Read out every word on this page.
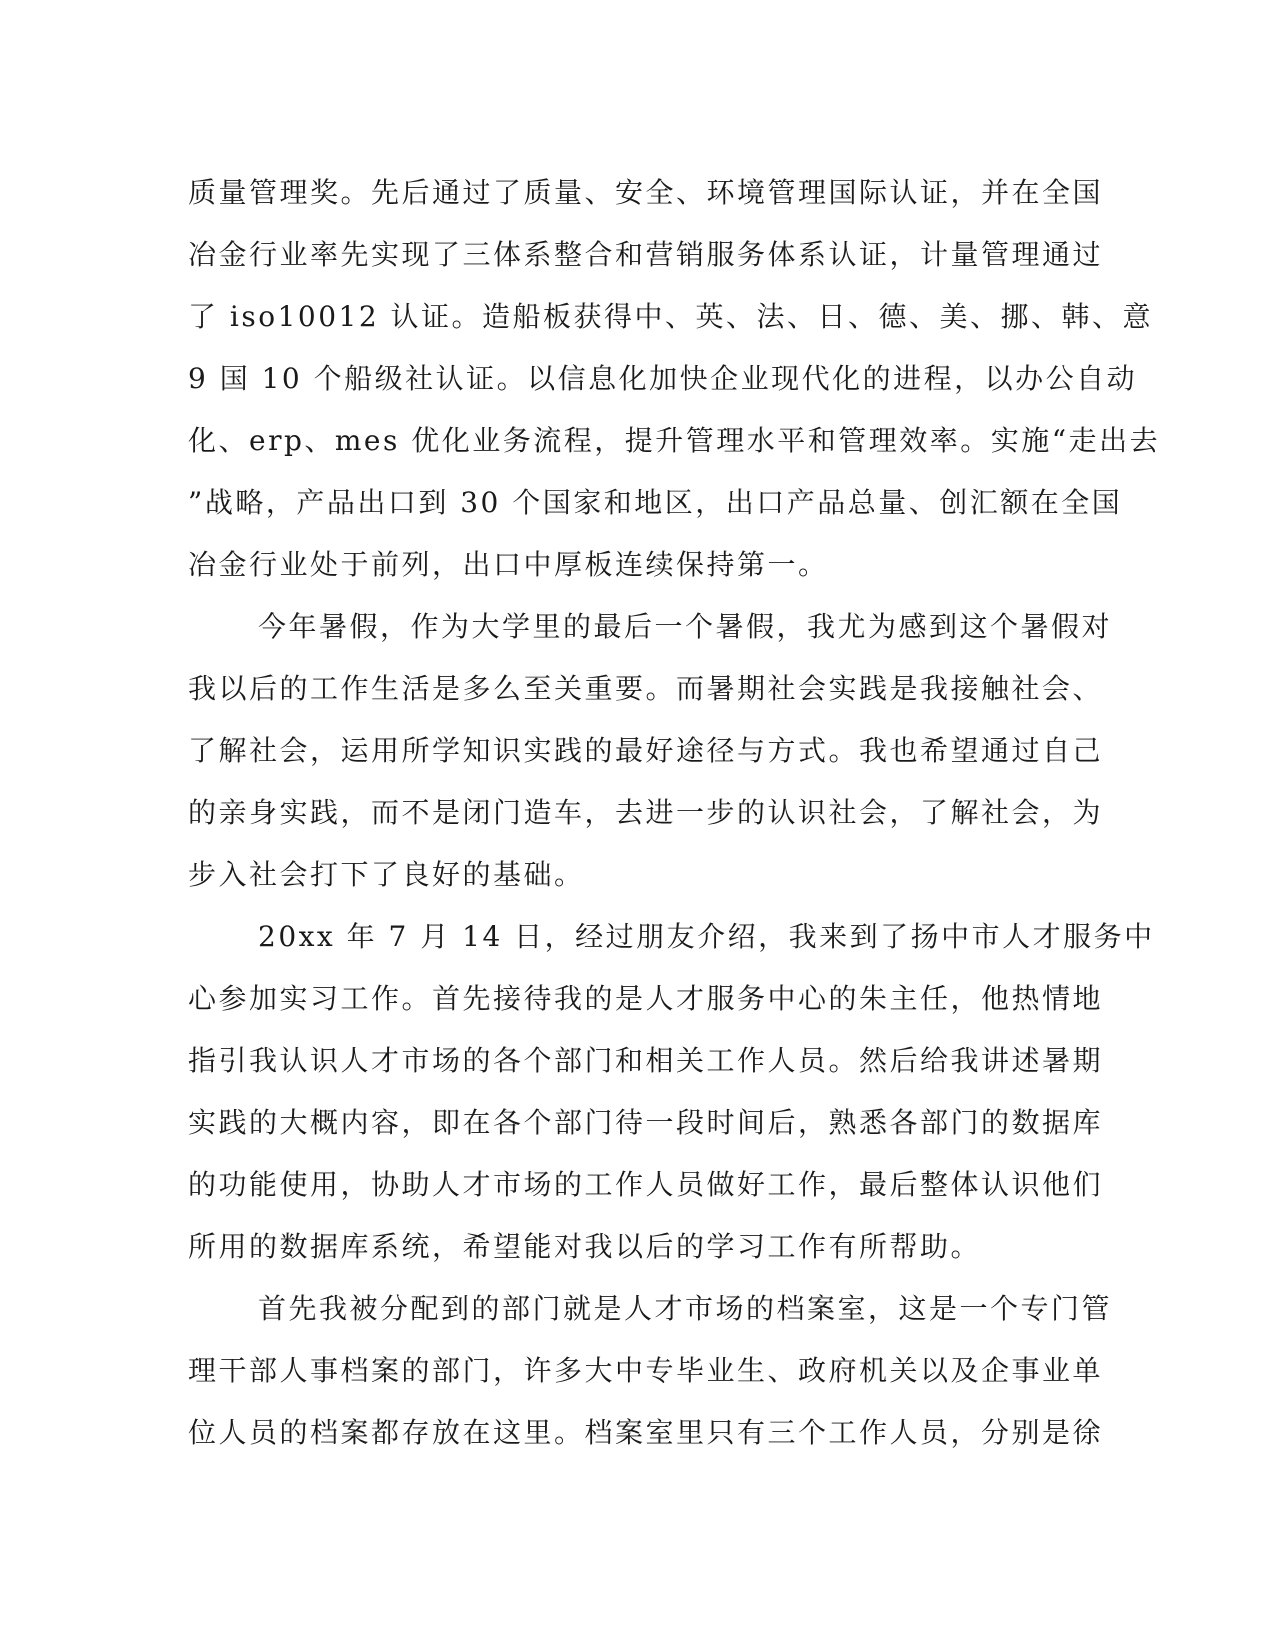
质量管理奖。先后通过了质量、安全、环境管理国际认证，并在全国
冶金行业率先实现了三体系整合和营销服务体系认证，计量管理通过
了 iso10012 认证。造船板获得中、英、法、日、德、美、挪、韩、意
9 国 10 个船级社认证。以信息化加快企业现代化的进程，以办公自动
化、erp、mes 优化业务流程，提升管理水平和管理效率。实施“走出去
”战略，产品出口到 30 个国家和地区，出口产品总量、创汇额在全国
冶金行业处于前列，出口中厚板连续保持第一。
今年暑假，作为大学里的最后一个暑假，我尤为感到这个暑假对
我以后的工作生活是多么至关重要。而暑期社会实践是我接触社会、
了解社会，运用所学知识实践的最好途径与方式。我也希望通过自己
的亲身实践，而不是闭门造车，去进一步的认识社会，了解社会，为
步入社会打下了良好的基础。
20xx 年 7 月 14 日，经过朋友介绍，我来到了扬中市人才服务中
心参加实习工作。首先接待我的是人才服务中心的朱主任，他热情地
指引我认识人才市场的各个部门和相关工作人员。然后给我讲述暑期
实践的大概内容，即在各个部门待一段时间后，熟悉各部门的数据库
的功能使用，协助人才市场的工作人员做好工作，最后整体认识他们
所用的数据库系统，希望能对我以后的学习工作有所帮助。
首先我被分配到的部门就是人才市场的档案室，这是一个专门管
理干部人事档案的部门，许多大中专毕业生、政府机关以及企事业单
位人员的档案都存放在这里。档案室里只有三个工作人员，分别是徐
